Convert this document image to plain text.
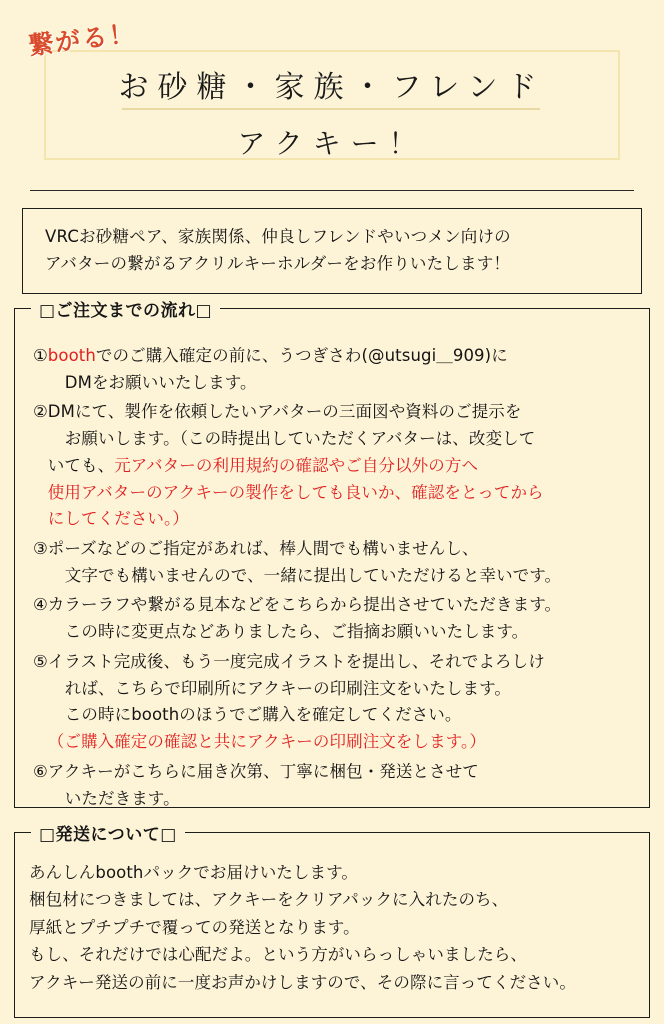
繋がる！
お砂糖・家族・フレンド
アクキー！
VRCお砂糖ペア、家族関係、仲良しフレンドやいつメン向けの
アバターの繋がるアクリルキーホルダーをお作りいたします！
□ご注文までの流れ□
① boothでのご購入確定の前に、うつぎさわ(@utsugi＿909)に
DMをお願いいたします。
② DMにて、製作を依頼したいアバターの三面図や資料のご提示を
お願いします。（この時提出していただくアバターは、改変して
いても、元アバターの利用規約の確認やご自分以外の方へ
使用アバターのアクキーの製作をしても良いか、確認をとってから
にしてください。）
③ ポーズなどのご指定があれば、棒人間でも構いませんし、
文字でも構いませんので、一緒に提出していただけると幸いです。
④ カラーラフや繋がる見本などをこちらから提出させていただきます。
この時に変更点などありましたら、ご指摘お願いいたします。
⑤ イラスト完成後、もう一度完成イラストを提出し、それでよろしけ
れば、こちらで印刷所にアクキーの印刷注文をいたします。
この時にboothのほうでご購入を確定してください。
（ご購入確定の確認と共にアクキーの印刷注文をします。）
⑥ アクキーがこちらに届き次第、丁寧に梱包・発送とさせて
いただきます。
□発送について□
あんしんboothパックでお届けいたします。
梱包材につきましては、アクキーをクリアパックに入れたのち、
厚紙とプチプチで覆っての発送となります。
もし、それだけでは心配だよ。という方がいらっしゃいましたら、
アクキー発送の前に一度お声かけしますので、その際に言ってください。
